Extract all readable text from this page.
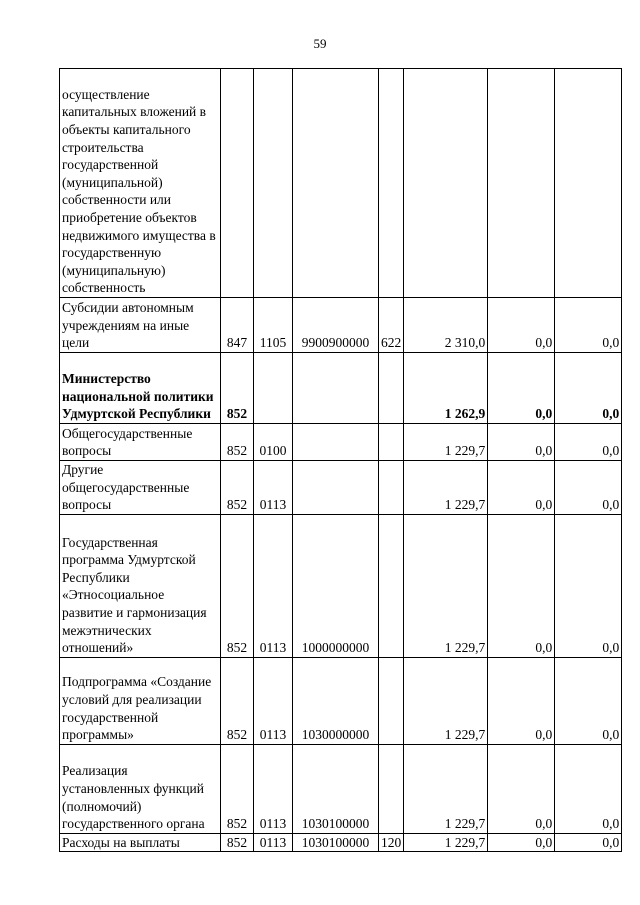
59
осуществление капитальных вложений в объекты капитального строительства государственной (муниципальной) собственности или приобретение объектов недвижимого имущества в государственную (муниципальную) собственность							
Субсидии автономным учреждениям на иные цели	847	1105	9900900000	622	2 310,0	0,0	0,0
Министерство национальной политики Удмуртской Республики	852				1 262,9	0,0	0,0
Общегосударственные вопросы	852	0100			1 229,7	0,0	0,0
Другие общегосударственные вопросы	852	0113			1 229,7	0,0	0,0
Государственная программа Удмуртской Республики «Этносоциальное развитие и гармонизация межэтнических отношений»	852	0113	1000000000		1 229,7	0,0	0,0
Подпрограмма «Создание условий для реализации государственной программы»	852	0113	1030000000		1 229,7	0,0	0,0
Реализация установленных функций (полномочий) государственного органа	852	0113	1030100000		1 229,7	0,0	0,0
Расходы на выплаты	852	0113	1030100000	120	1 229,7	0,0	0,0
